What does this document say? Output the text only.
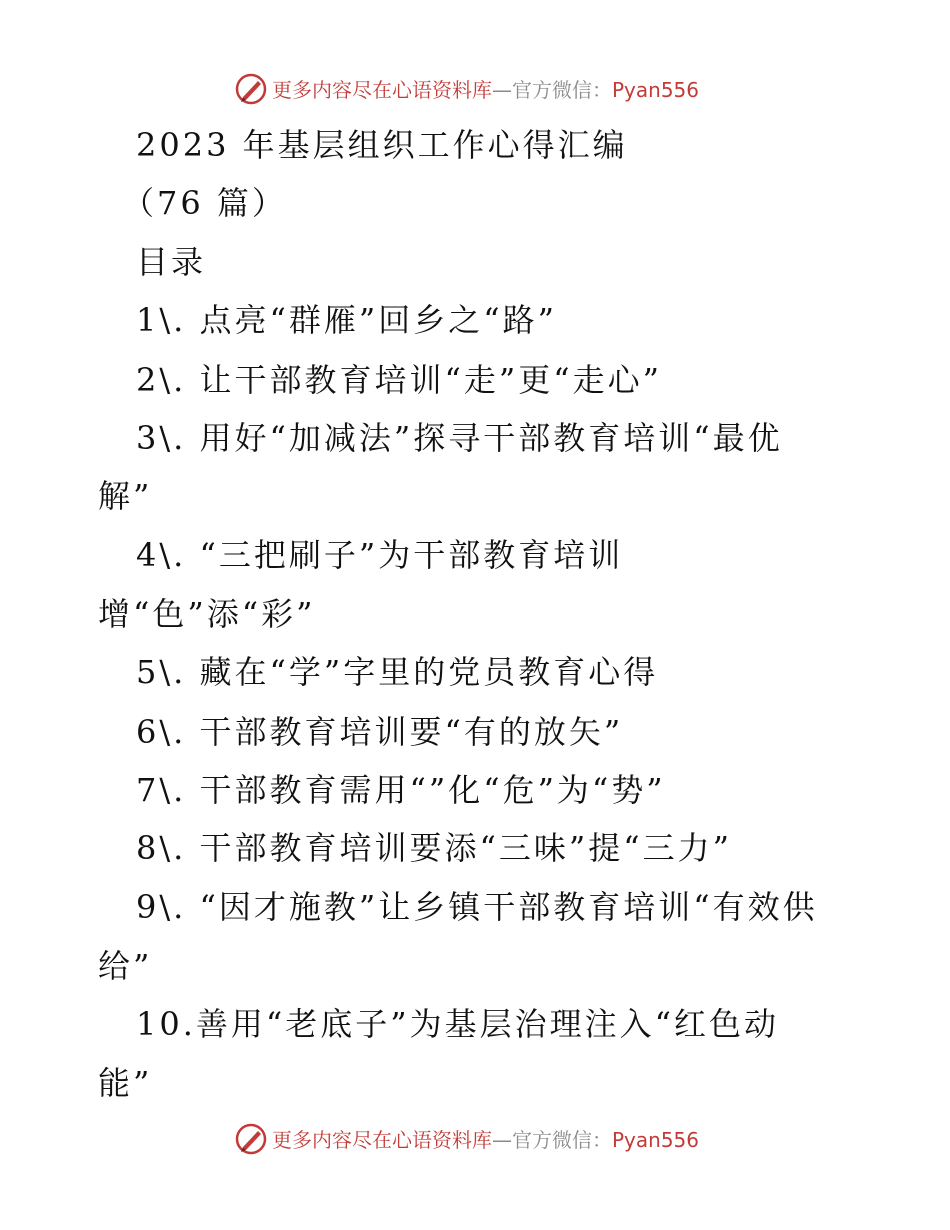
更多内容尽在心语资料库—官方微信：Pyan556
2023 年基层组织工作心得汇编
（76 篇）
目录
1\. 点亮“群雁”回乡之“路”
2\. 让干部教育培训“走”更“走心”
3\. 用好“加减法”探寻干部教育培训“最优
解”
4\. “三把刷子”为干部教育培训
增“色”添“彩”
5\. 藏在“学”字里的党员教育心得
6\. 干部教育培训要“有的放矢”
7\. 干部教育需用“”化“危”为“势”
8\. 干部教育培训要添“三味”提“三力”
9\. “因才施教”让乡镇干部教育培训“有效供
给”
10.善用“老底子”为基层治理注入“红色动
能”
更多内容尽在心语资料库—官方微信：Pyan556
